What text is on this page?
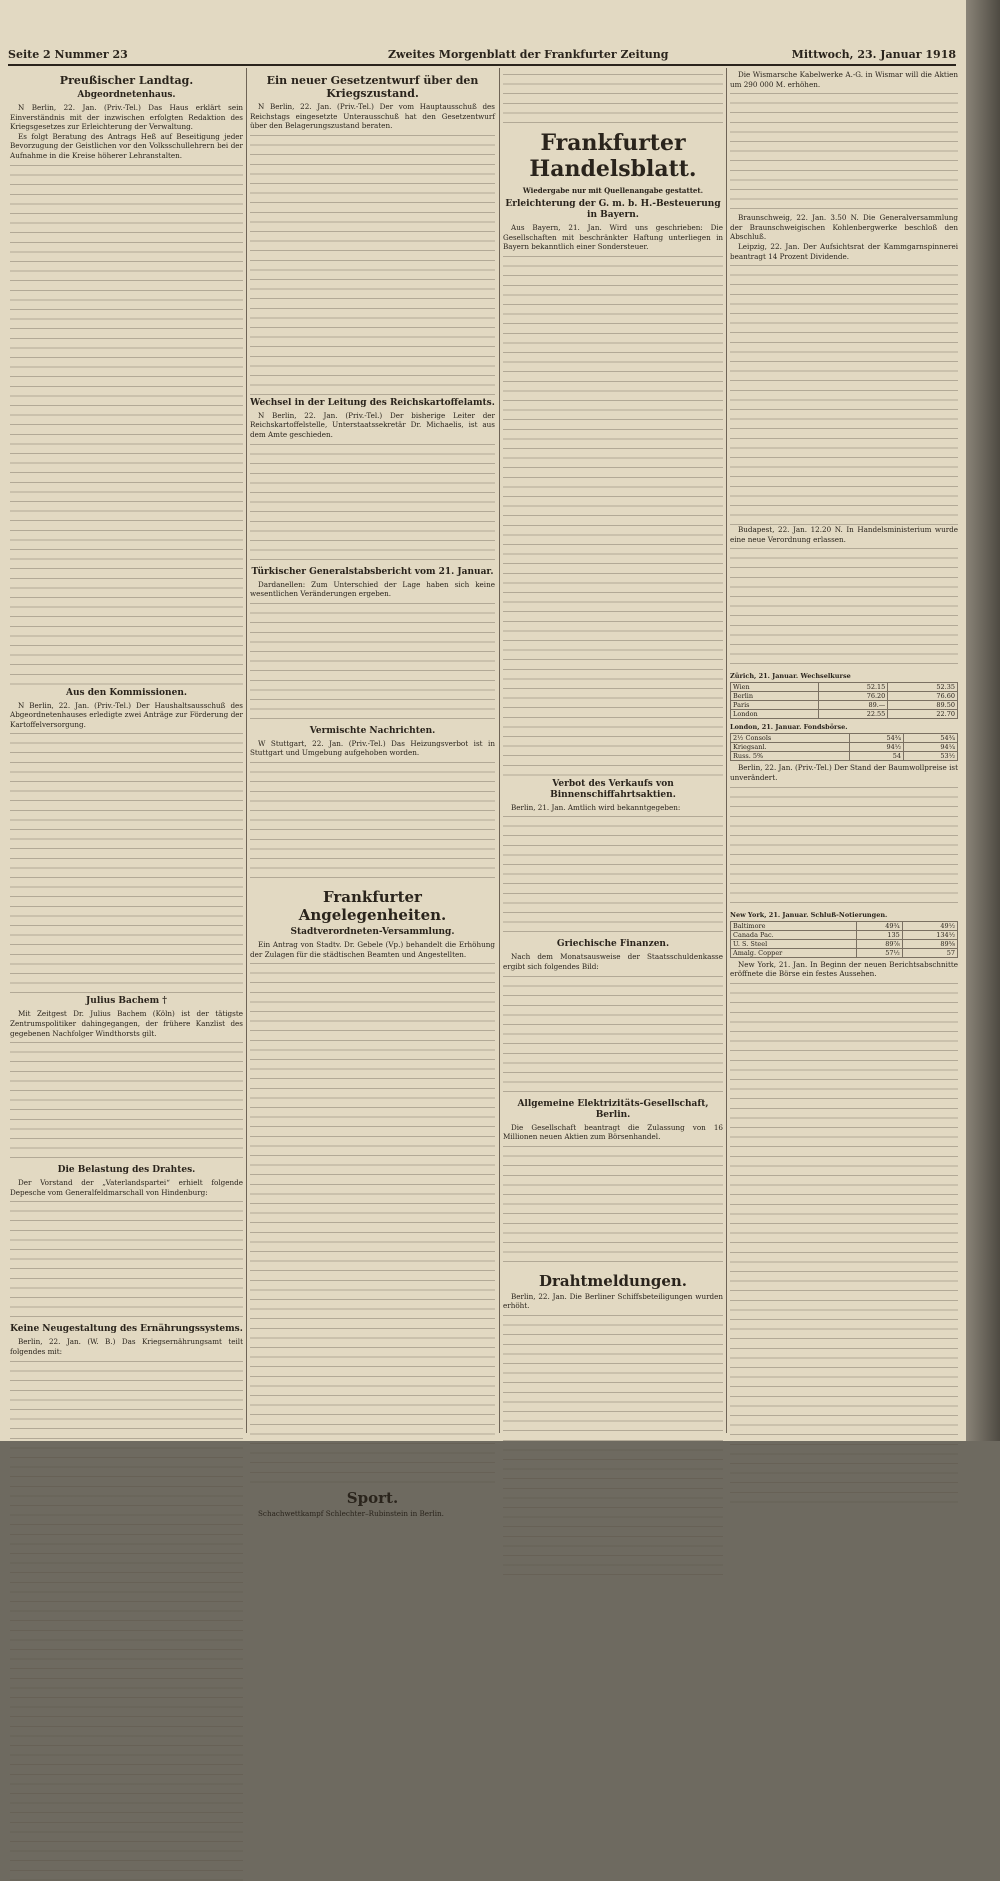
Seite 2 Nummer 23	Zweites Morgenblatt der Frankfurter Zeitung	Mittwoch, 23. Januar 1918
Preußischer Landtag.
Abgeordnetenhaus.

N Berlin, 22. Jan. (Priv.-Tel.) Das Haus erklärt sein Einverständnis mit der inzwischen erfolgten Redaktion des Kriegsgesetzes zur Erleichterung der Verwaltung.

Es folgt Beratung des Antrags Heß auf Beseitigung jeder Bevorzugung der Geistlichen vor den Volksschullehrern bei der Aufnahme in die Kreise höherer Lehranstalten.

Aus den Kommissionen.

N Berlin, 22. Jan. (Priv.-Tel.) Der Haushaltsausschuß des Abgeordnetenhauses erledigte zwei Anträge zur Förderung der Kartoffelversorgung.

Julius Bachem †

Mit Zeitgest Dr. Julius Bachem (Köln) ist der tätigste Zentrumspolitiker dahingegangen, der frühere Kanzlist des gegebenen Nachfolger Windthorsts gilt.

Die Belastung des Drahtes.

Der Vorstand der „Vaterlandspartei“ erhielt folgende Depesche vom Generalfeldmarschall von Hindenburg:

Keine Neugestaltung des Ernährungssystems.

Berlin, 22. Jan. (W. B.) Das Kriegsernährungsamt teilt folgendes mit:

Ein neuer Gesetzentwurf über den Kriegszustand.

N Berlin, 22. Jan. (Priv.-Tel.) Der vom Hauptausschuß des Reichstags eingesetzte Unterausschuß hat den Gesetzentwurf über den Belagerungszustand beraten.

Wechsel in der Leitung des Reichskartoffelamts.

N Berlin, 22. Jan. (Priv.-Tel.) Der bisherige Leiter der Reichskartoffelstelle, Unterstaatssekretär Dr. Michaelis, ist aus dem Amte geschieden.

Türkischer Generalstabsbericht vom 21. Januar.

Dardanellen: Zum Unterschied der Lage haben sich keine wesentlichen Veränderungen ergeben.

Vermischte Nachrichten.

W Stuttgart, 22. Jan. (Priv.-Tel.) Das Heizungsverbot ist in Stuttgart und Umgebung aufgehoben worden.

Frankfurter Angelegenheiten.
Stadtverordneten-Versammlung.

Ein Antrag von Stadtv. Dr. Gebele (Vp.) behandelt die Erhöhung der Zulagen für die städtischen Beamten und Angestellten.

Sport.

Schachwettkampf Schlechter–Rubinstein in Berlin.

Frankfurter Handelsblatt.
Wiedergabe nur mit Quellenangabe gestattet.
Erleichterung der G. m. b. H.-Besteuerung in Bayern.

Aus Bayern, 21. Jan. Wird uns geschrieben: Die Gesellschaften mit beschränkter Haftung unterliegen in Bayern bekanntlich einer Sondersteuer.

Verbot des Verkaufs von Binnenschiffahrtsaktien.

Berlin, 21. Jan. Amtlich wird bekanntgegeben:

Griechische Finanzen.

Nach dem Monatsausweise der Staatsschuldenkasse ergibt sich folgendes Bild:

Allgemeine Elektrizitäts-Gesellschaft, Berlin.

Die Gesellschaft beantragt die Zulassung von 16 Millionen neuen Aktien zum Börsenhandel.

Drahtmeldungen.

Berlin, 22. Jan. Die Berliner Schiffsbeteiligungen wurden erhöht.

Die Wismarsche Kabelwerke A.-G. in Wismar will die Aktien um 290 000 M. erhöhen.

Braunschweig, 22. Jan. 3.50 N. Die Generalversammlung der Braunschweigischen Kohlenbergwerke beschloß den Abschluß.

Leipzig, 22. Jan. Der Aufsichtsrat der Kammgarnspinnerei beantragt 14 Prozent Dividende.

Budapest, 22. Jan. 12.20 N. In Handelsministerium wurde eine neue Verordnung erlassen.

Zürich, 21. Januar. Wechselkurse
Wien	52.15	52.35
Berlin	76.20	76.60
Paris	89.—	89.50
London	22.55	22.70
London, 21. Januar. Fondsbörse.
2½ Consols	54¾	54¾
Kriegsanl.	94½	94¼
Russ. 5%	54	53½

Berlin, 22. Jan. (Priv.-Tel.) Der Stand der Baumwollpreise ist unverändert.

New York, 21. Januar. Schluß-Notierungen.
Baltimore	49¾	49½
Canada Pac.	135	134½
U. S. Steel	89⅞	89⅝
Amalg. Copper	57½	57

New York, 21. Jan. In Beginn der neuen Berichtsabschnitte eröffnete die Börse ein festes Aussehen.
